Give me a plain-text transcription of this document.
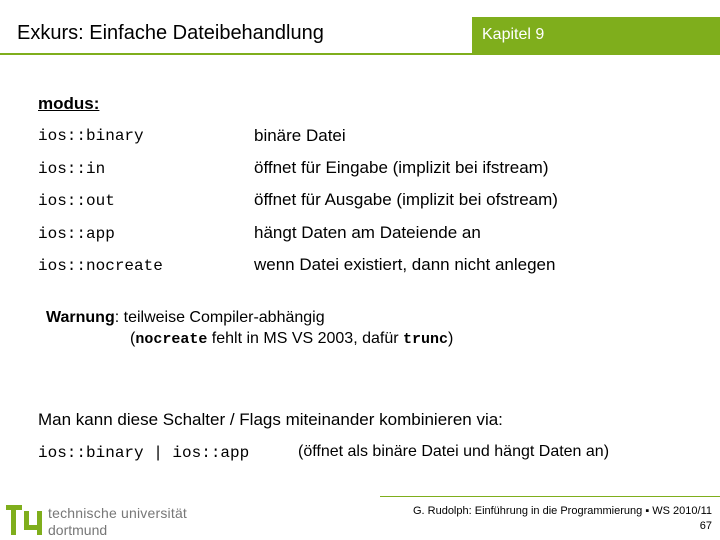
Exkurs: Einfache Dateibehandlung	Kapitel 9
modus:
ios::binary	binäre Datei
ios::in	öffnet für Eingabe (implizit bei ifstream)
ios::out	öffnet für Ausgabe (implizit bei ofstream)
ios::app	hängt Daten am Dateiende an
ios::nocreate	wenn Datei existiert, dann nicht anlegen
Warnung: teilweise Compiler-abhängig
(nocreate fehlt in MS VS 2003, dafür trunc)
Man kann diese Schalter / Flags miteinander kombinieren via:
ios::binary | ios::app	(öffnet als binäre Datei und hängt Daten an)
technische universität
dortmund
G. Rudolph: Einführung in die Programmierung ▪ WS 2010/11
67
